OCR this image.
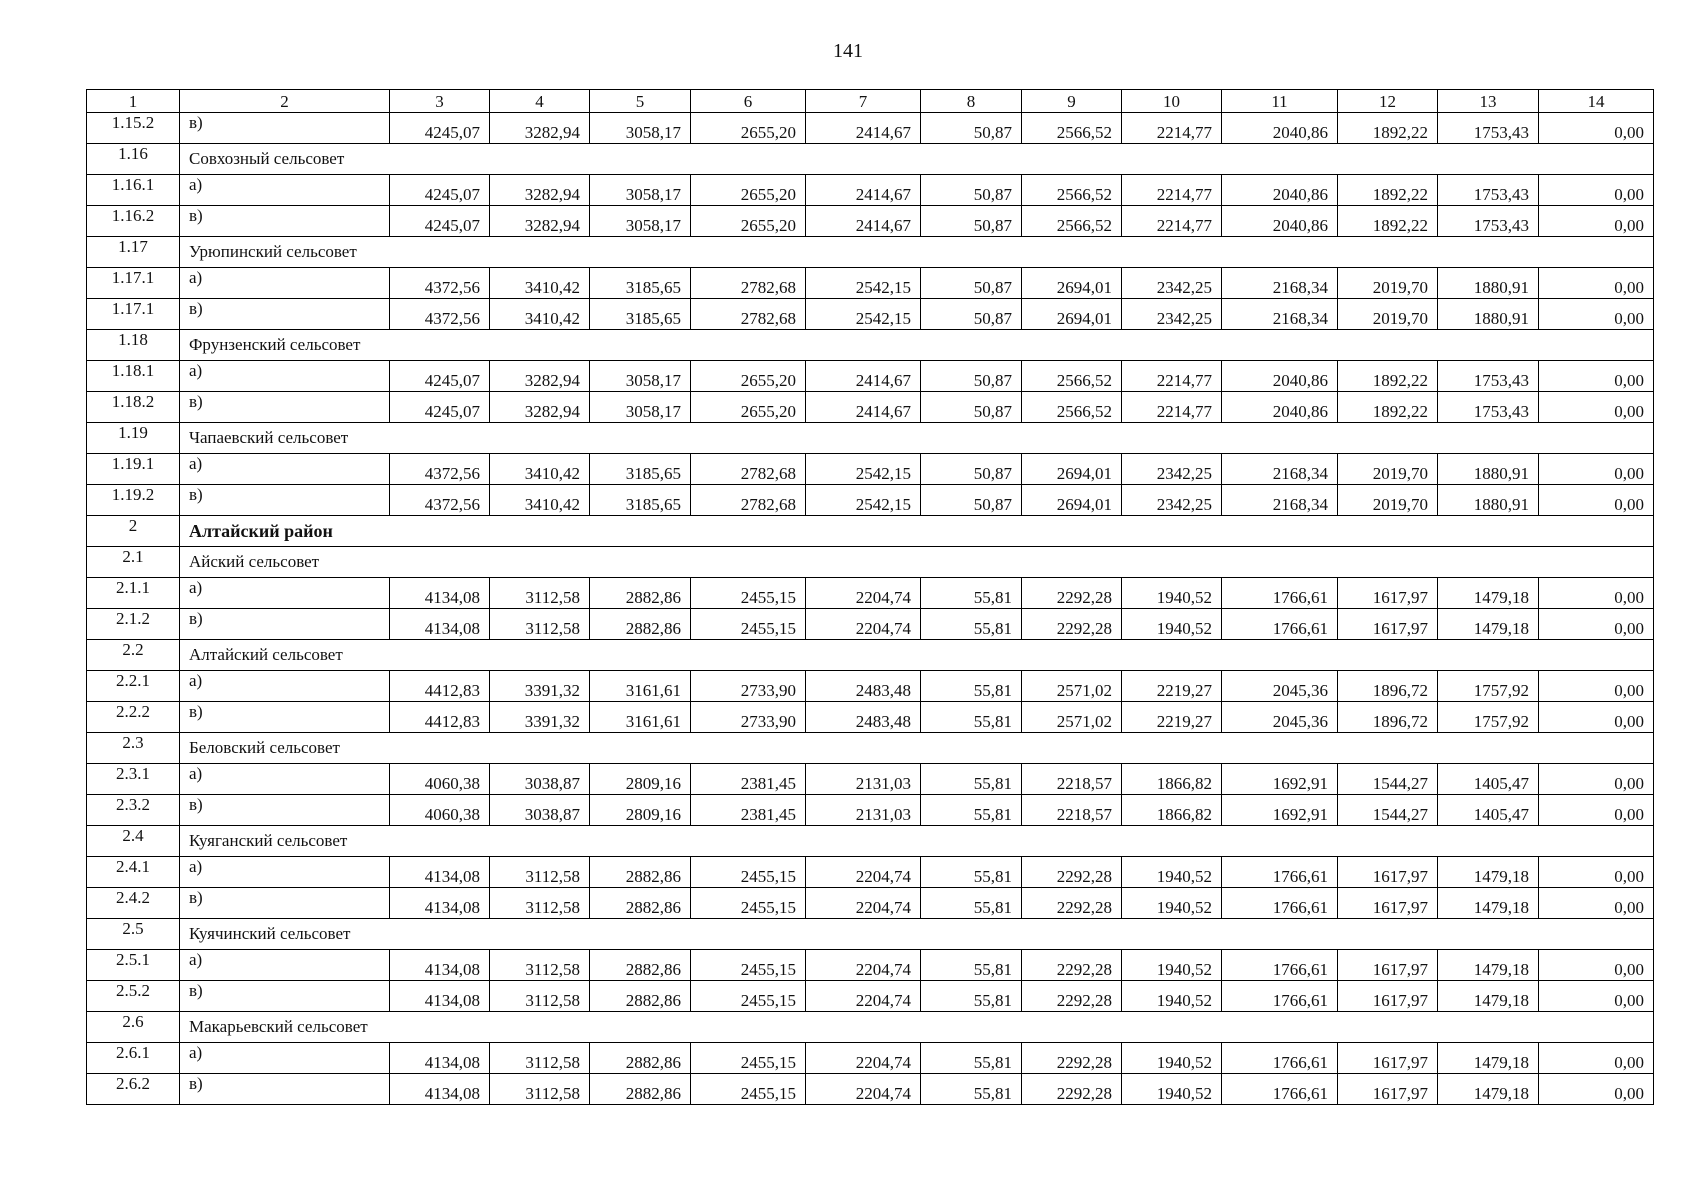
141
1	2	3	4	5	6	7	8	9	10	11	12	13	14
1.15.2	в)	4245,07	3282,94	3058,17	2655,20	2414,67	50,87	2566,52	2214,77	2040,86	1892,22	1753,43	0,00
1.16	Совхозный сельсовет												
1.16.1	а)	4245,07	3282,94	3058,17	2655,20	2414,67	50,87	2566,52	2214,77	2040,86	1892,22	1753,43	0,00
1.16.2	в)	4245,07	3282,94	3058,17	2655,20	2414,67	50,87	2566,52	2214,77	2040,86	1892,22	1753,43	0,00
1.17	Урюпинский сельсовет												
1.17.1	а)	4372,56	3410,42	3185,65	2782,68	2542,15	50,87	2694,01	2342,25	2168,34	2019,70	1880,91	0,00
1.17.1	в)	4372,56	3410,42	3185,65	2782,68	2542,15	50,87	2694,01	2342,25	2168,34	2019,70	1880,91	0,00
1.18	Фрунзенский сельсовет												
1.18.1	а)	4245,07	3282,94	3058,17	2655,20	2414,67	50,87	2566,52	2214,77	2040,86	1892,22	1753,43	0,00
1.18.2	в)	4245,07	3282,94	3058,17	2655,20	2414,67	50,87	2566,52	2214,77	2040,86	1892,22	1753,43	0,00
1.19	Чапаевский сельсовет												
1.19.1	а)	4372,56	3410,42	3185,65	2782,68	2542,15	50,87	2694,01	2342,25	2168,34	2019,70	1880,91	0,00
1.19.2	в)	4372,56	3410,42	3185,65	2782,68	2542,15	50,87	2694,01	2342,25	2168,34	2019,70	1880,91	0,00
2	Алтайский район												
2.1	Айский сельсовет												
2.1.1	а)	4134,08	3112,58	2882,86	2455,15	2204,74	55,81	2292,28	1940,52	1766,61	1617,97	1479,18	0,00
2.1.2	в)	4134,08	3112,58	2882,86	2455,15	2204,74	55,81	2292,28	1940,52	1766,61	1617,97	1479,18	0,00
2.2	Алтайский сельсовет												
2.2.1	а)	4412,83	3391,32	3161,61	2733,90	2483,48	55,81	2571,02	2219,27	2045,36	1896,72	1757,92	0,00
2.2.2	в)	4412,83	3391,32	3161,61	2733,90	2483,48	55,81	2571,02	2219,27	2045,36	1896,72	1757,92	0,00
2.3	Беловский сельсовет												
2.3.1	а)	4060,38	3038,87	2809,16	2381,45	2131,03	55,81	2218,57	1866,82	1692,91	1544,27	1405,47	0,00
2.3.2	в)	4060,38	3038,87	2809,16	2381,45	2131,03	55,81	2218,57	1866,82	1692,91	1544,27	1405,47	0,00
2.4	Куяганский сельсовет												
2.4.1	а)	4134,08	3112,58	2882,86	2455,15	2204,74	55,81	2292,28	1940,52	1766,61	1617,97	1479,18	0,00
2.4.2	в)	4134,08	3112,58	2882,86	2455,15	2204,74	55,81	2292,28	1940,52	1766,61	1617,97	1479,18	0,00
2.5	Куячинский сельсовет												
2.5.1	а)	4134,08	3112,58	2882,86	2455,15	2204,74	55,81	2292,28	1940,52	1766,61	1617,97	1479,18	0,00
2.5.2	в)	4134,08	3112,58	2882,86	2455,15	2204,74	55,81	2292,28	1940,52	1766,61	1617,97	1479,18	0,00
2.6	Макарьевский сельсовет												
2.6.1	а)	4134,08	3112,58	2882,86	2455,15	2204,74	55,81	2292,28	1940,52	1766,61	1617,97	1479,18	0,00
2.6.2	в)	4134,08	3112,58	2882,86	2455,15	2204,74	55,81	2292,28	1940,52	1766,61	1617,97	1479,18	0,00
